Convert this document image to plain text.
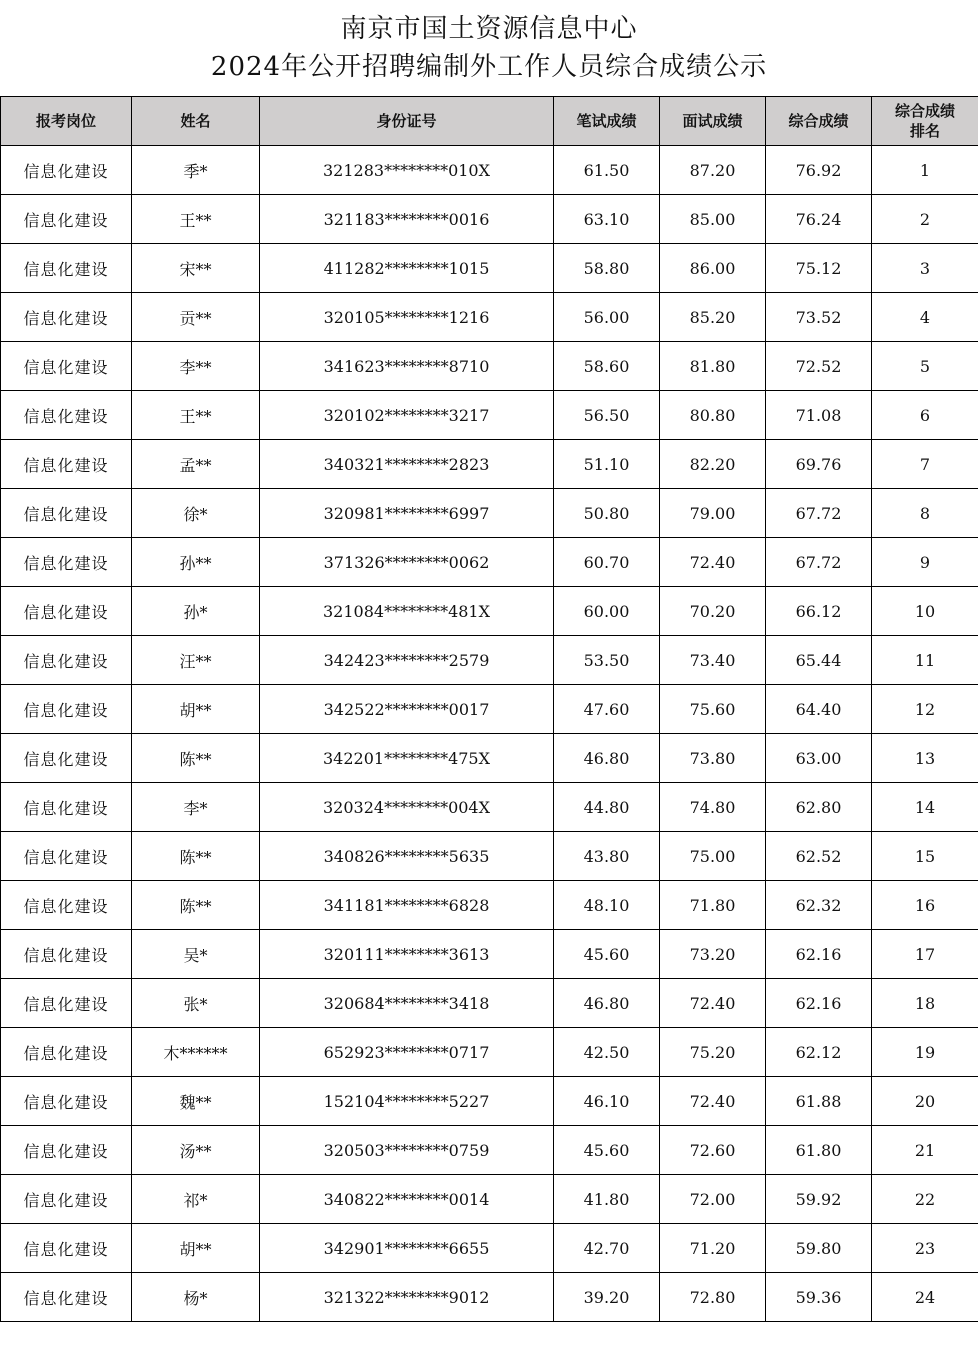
南京市国土资源信息中心
2024年公开招聘编制外工作人员综合成绩公示
报考岗位	姓名	身份证号	笔试成绩	面试成绩	综合成绩	综合成绩
排名
信息化建设	季*	321283********010X	61.50	87.20	76.92	1
信息化建设	王**	321183********0016	63.10	85.00	76.24	2
信息化建设	宋**	411282********1015	58.80	86.00	75.12	3
信息化建设	贡**	320105********1216	56.00	85.20	73.52	4
信息化建设	李**	341623********8710	58.60	81.80	72.52	5
信息化建设	王**	320102********3217	56.50	80.80	71.08	6
信息化建设	孟**	340321********2823	51.10	82.20	69.76	7
信息化建设	徐*	320981********6997	50.80	79.00	67.72	8
信息化建设	孙**	371326********0062	60.70	72.40	67.72	9
信息化建设	孙*	321084********481X	60.00	70.20	66.12	10
信息化建设	汪**	342423********2579	53.50	73.40	65.44	11
信息化建设	胡**	342522********0017	47.60	75.60	64.40	12
信息化建设	陈**	342201********475X	46.80	73.80	63.00	13
信息化建设	李*	320324********004X	44.80	74.80	62.80	14
信息化建设	陈**	340826********5635	43.80	75.00	62.52	15
信息化建设	陈**	341181********6828	48.10	71.80	62.32	16
信息化建设	吴*	320111********3613	45.60	73.20	62.16	17
信息化建设	张*	320684********3418	46.80	72.40	62.16	18
信息化建设	木******	652923********0717	42.50	75.20	62.12	19
信息化建设	魏**	152104********5227	46.10	72.40	61.88	20
信息化建设	汤**	320503********0759	45.60	72.60	61.80	21
信息化建设	祁*	340822********0014	41.80	72.00	59.92	22
信息化建设	胡**	342901********6655	42.70	71.20	59.80	23
信息化建设	杨*	321322********9012	39.20	72.80	59.36	24
